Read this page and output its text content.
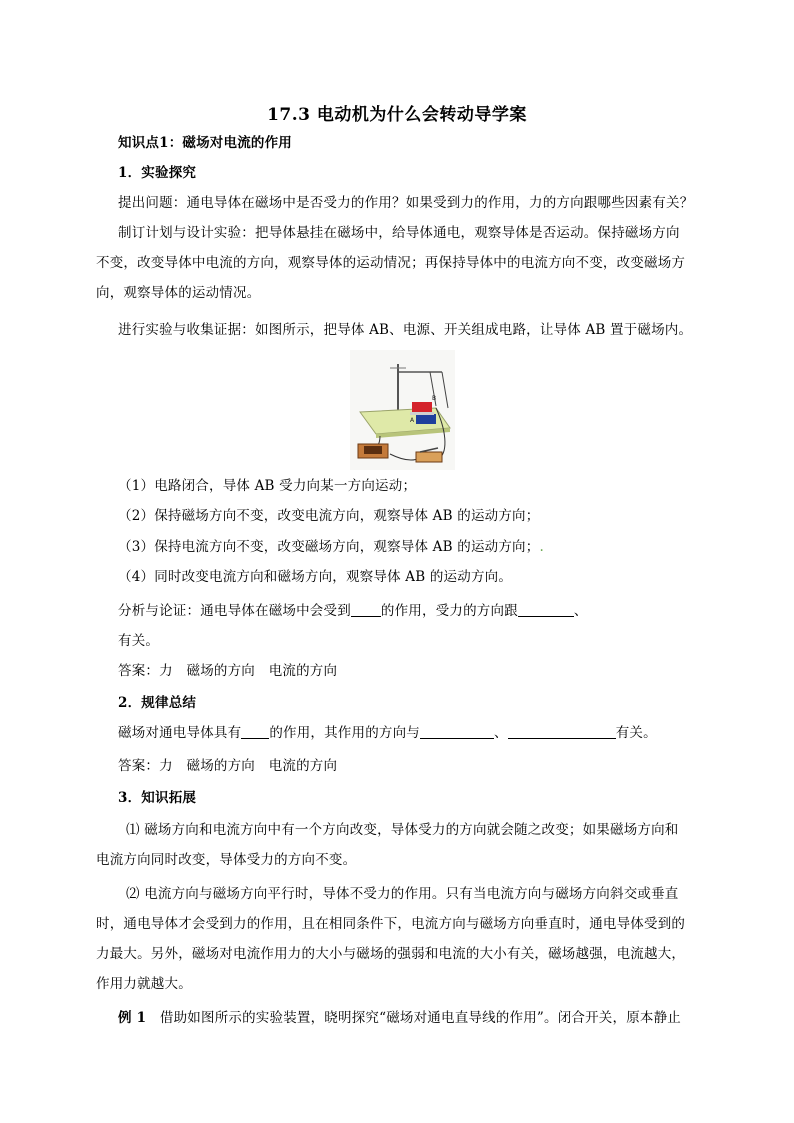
17.3 电动机为什么会转动导学案
知识点1：磁场对电流的作用
1．实验探究
提出问题：通电导体在磁场中是否受力的作用？如果受到力的作用，力的方向跟哪些因素有关？
制订计划与设计实验：把导体悬挂在磁场中，给导体通电，观察导体是否运动。保持磁场方向
不变，改变导体中电流的方向，观察导体的运动情况；再保持导体中的电流方向不变，改变磁场方
向，观察导体的运动情况。
进行实验与收集证据：如图所示，把导体 AB、电源、开关组成电路，让导体 AB 置于磁场内。
B
A
（1）电路闭合，导体 AB 受力向某一方向运动；
（2）保持磁场方向不变，改变电流方向，观察导体 AB 的运动方向；
（3）保持电流方向不变，改变磁场方向，观察导体 AB 的运动方向；.
（4）同时改变电流方向和磁场方向，观察导体 AB 的运动方向。
分析与论证：通电导体在磁场中会受到 的作用，受力的方向跟	、
有关。
答案：力　磁场的方向　电流的方向
2．规律总结
磁场对通电导体具有 的作用，其作用的方向与	、	有关。
答案：力　磁场的方向　电流的方向
3．知识拓展
⑴ 磁场方向和电流方向中有一个方向改变，导体受力的方向就会随之改变；如果磁场方向和
电流方向同时改变，导体受力的方向不变。
⑵ 电流方向与磁场方向平行时，导体不受力的作用。只有当电流方向与磁场方向斜交或垂直
时，通电导体才会受到力的作用，且在相同条件下，电流方向与磁场方向垂直时，通电导体受到的
力最大。另外，磁场对电流作用力的大小与磁场的强弱和电流的大小有关，磁场越强，电流越大，
作用力就越大。
例 1　 借助如图所示的实验装置，晓明探究“磁场对通电直导线的作用”。闭合开关，原本静止
